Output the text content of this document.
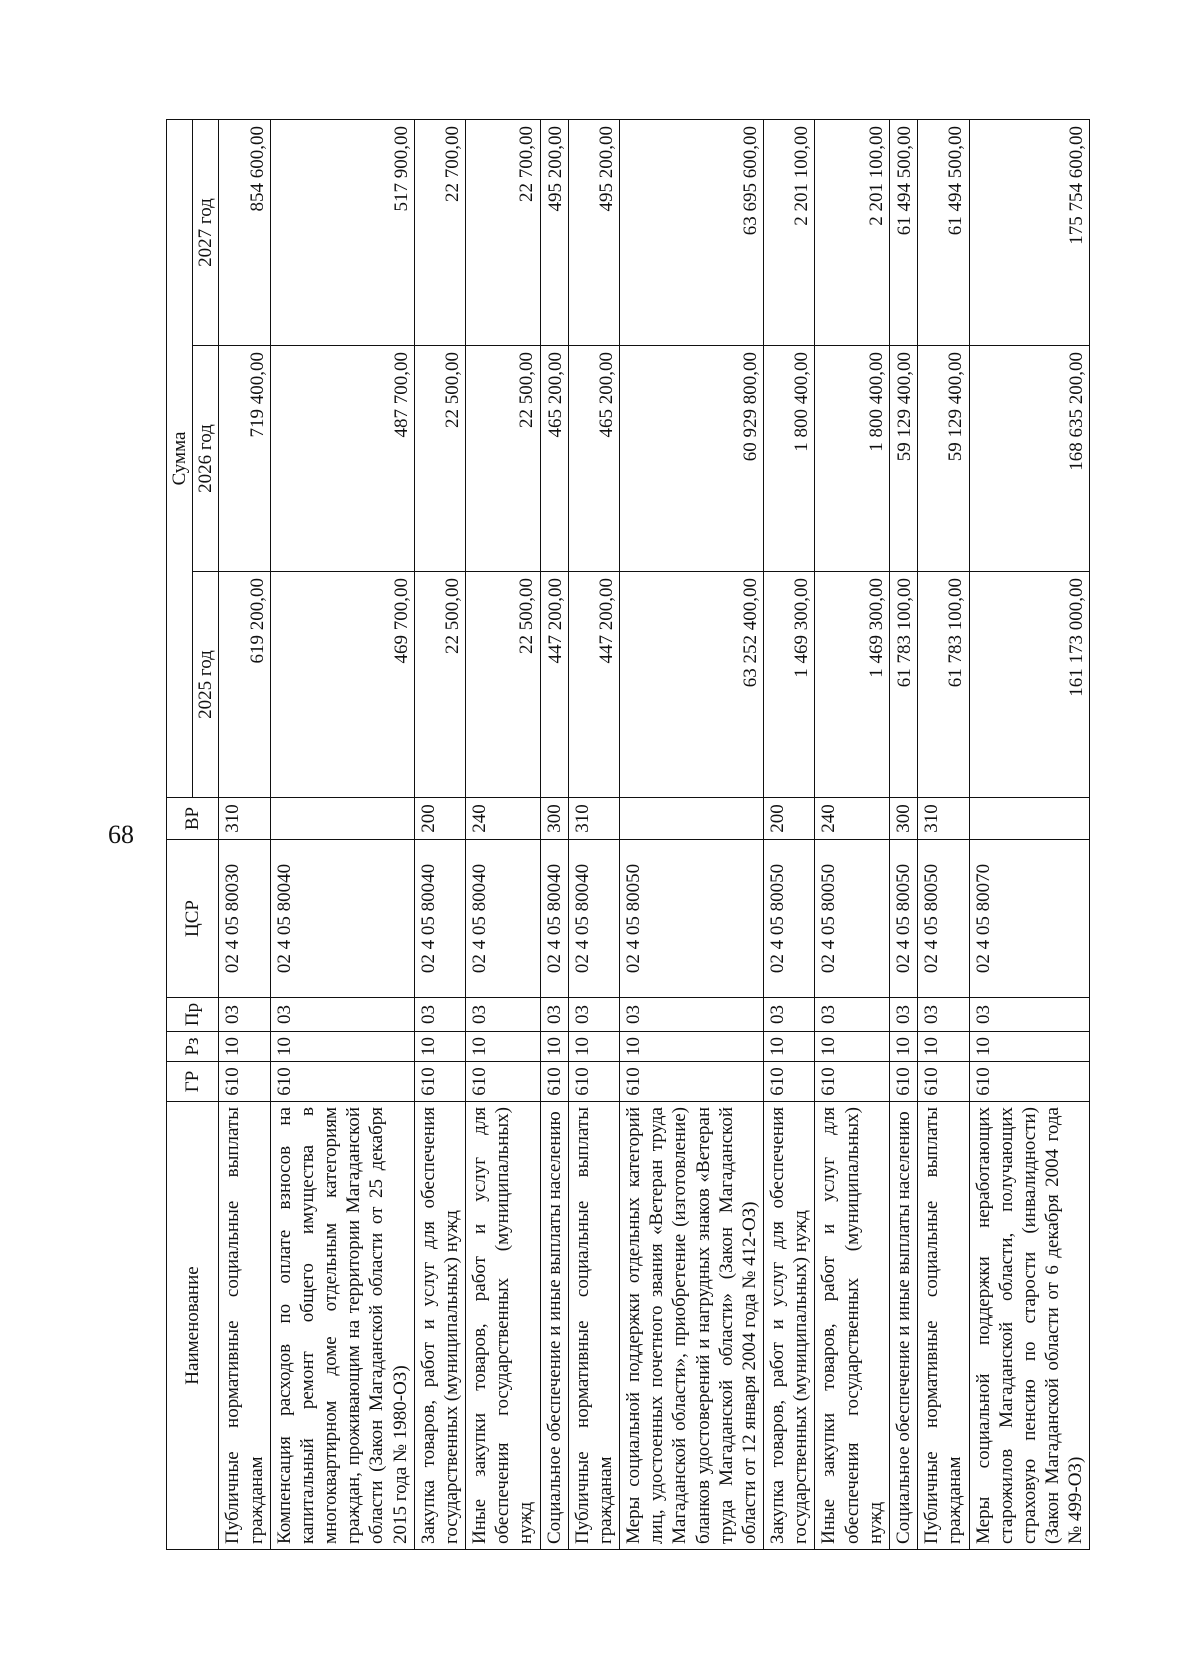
68
Наименование	ГР	Рз	Пр	ЦСР	ВР	Сумма		
						2025 год	2026 год	2027 год
Публичные нормативные социальные выплаты гражданам	610	10	03	02 4 05 80030	310	619 200,00	719 400,00	854 600,00
Компенсация расходов по оплате взносов на капитальный ремонт общего имущества в многоквартирном доме отдельным категориям граждан, проживающим на территории Магаданской области (Закон Магаданской области от 25 декабря 2015 года № 1980-ОЗ)	610	10	03	02 4 05 80040		469 700,00	487 700,00	517 900,00
Закупка товаров, работ и услуг для обеспечения государственных (муниципальных) нужд	610	10	03	02 4 05 80040	200	22 500,00	22 500,00	22 700,00
Иные закупки товаров, работ и услуг для обеспечения государственных (муниципальных) нужд	610	10	03	02 4 05 80040	240	22 500,00	22 500,00	22 700,00
Социальное обеспечение и иные выплаты населению	610	10	03	02 4 05 80040	300	447 200,00	465 200,00	495 200,00
Публичные нормативные социальные выплаты гражданам	610	10	03	02 4 05 80040	310	447 200,00	465 200,00	495 200,00
Меры социальной поддержки отдельных категорий лиц, удостоенных почетного звания «Ветеран труда Магаданской области», приобретение (изготовление) бланков удостоверений и нагрудных знаков «Ветеран труда Магаданской области» (Закон Магаданской области от 12 января 2004 года № 412-ОЗ)	610	10	03	02 4 05 80050		63 252 400,00	60 929 800,00	63 695 600,00
Закупка товаров, работ и услуг для обеспечения государственных (муниципальных) нужд	610	10	03	02 4 05 80050	200	1 469 300,00	1 800 400,00	2 201 100,00
Иные закупки товаров, работ и услуг для обеспечения государственных (муниципальных) нужд	610	10	03	02 4 05 80050	240	1 469 300,00	1 800 400,00	2 201 100,00
Социальное обеспечение и иные выплаты населению	610	10	03	02 4 05 80050	300	61 783 100,00	59 129 400,00	61 494 500,00
Публичные нормативные социальные выплаты гражданам	610	10	03	02 4 05 80050	310	61 783 100,00	59 129 400,00	61 494 500,00
Меры социальной поддержки неработающих старожилов Магаданской области, получающих страховую пенсию по старости (инвалидности) (Закон Магаданской области от 6 декабря 2004 года № 499-ОЗ)	610	10	03	02 4 05 80070		161 173 000,00	168 635 200,00	175 754 600,00
